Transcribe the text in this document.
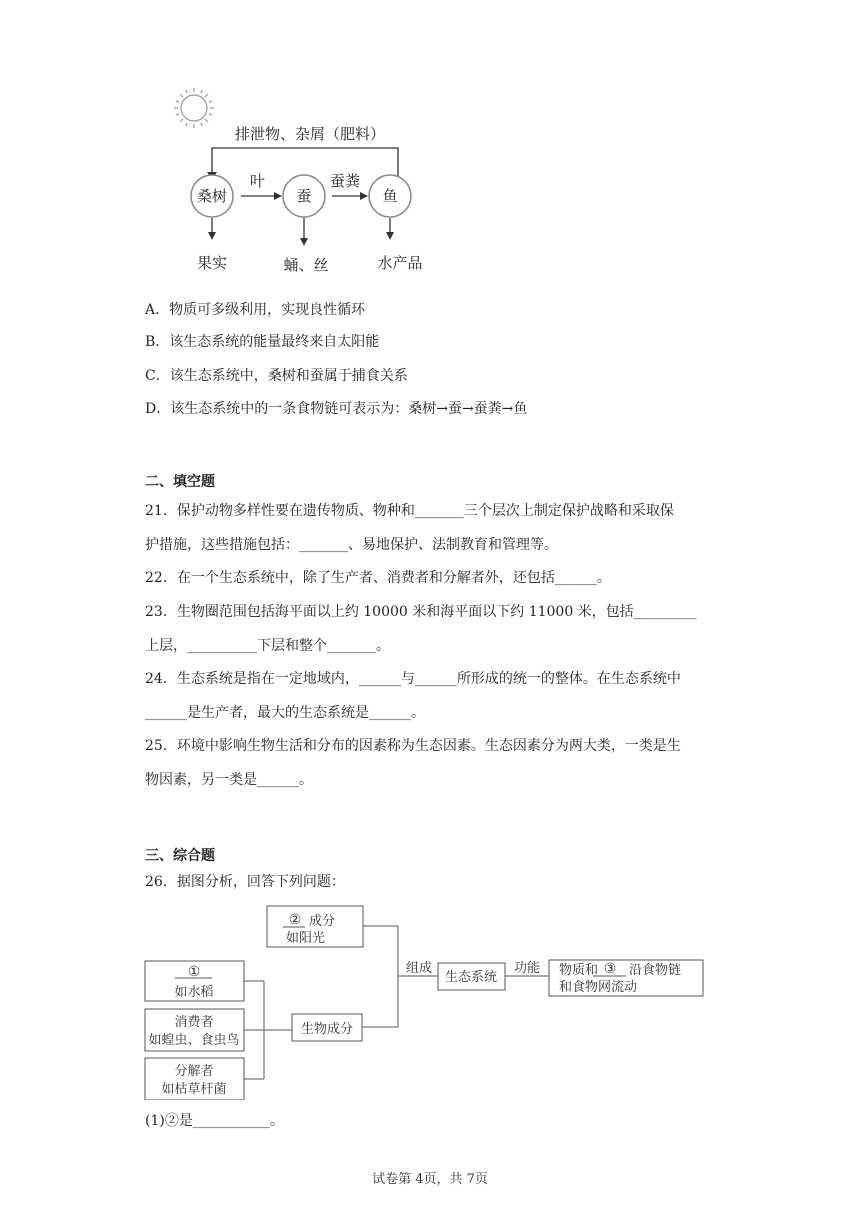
排泄物、杂屑（肥料）
桑树	蚕	鱼
叶	蚕粪
果实	蛹、丝	水产品
A．物质可多级利用，实现良性循环
B．该生态系统的能量最终来自太阳能
C．该生态系统中，桑树和蚕属于捕食关系
D．该生态系统中的一条食物链可表示为：桑树→蚕→蚕粪→鱼
二、填空题
21．保护动物多样性要在遗传物质、物种和_______三个层次上制定保护战略和采取保
护措施，这些措施包括：_______、易地保护、法制教育和管理等。
22．在一个生态系统中，除了生产者、消费者和分解者外，还包括______。
23．生物圈范围包括海平面以上约 10000 米和海平面以下约 11000 米，包括_________
上层，__________下层和整个_______。
24．生态系统是指在一定地域内，______与______所形成的统一的整体。在生态系统中
______是生产者，最大的生态系统是______。
25．环境中影响生物生活和分布的因素称为生态因素。生态因素分为两大类，一类是生
物因素，另一类是______。
三、综合题
26．据图分析，回答下列问题：
② 成分
如阳光
①
如水稻
消费者
如蝗虫、食虫鸟
分解者
如枯草杆菌
生物成分
组成
生态系统
功能 物质和 ③ 沿食物链
和食物网流动
(1)②是___________。
试卷第 4页，共 7页
